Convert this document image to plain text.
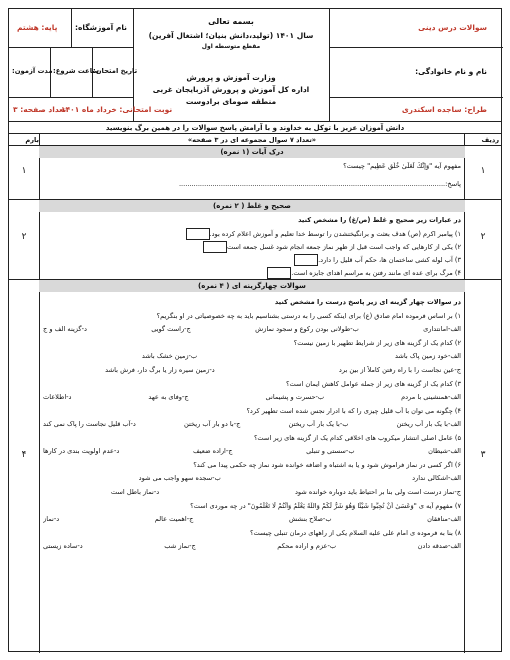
بسمه تعالی
سال ۱۴۰۱ (تولید،دانش بنیان؛ اشتغال آفرین)
مقطع متوسطه اول
وزارت آموزش و پرورش
اداره کل آموزش و پرورش آذربایجان غربی
منطقه صومای برادوست
سوالات درس دینی
نام و نام خانوادگی:
طراح: ساجده اسکندری
پایه: هشتم نام آموزشگاه:
تاریخ امتحان:
ساعت شروع:
مدت آزمون:
نوبت امتحانی: خرداد ماه ۱۴۰۱
تعداد صفحه: ۳
دانش آموزان عزیز با توکل به خداوند و با آرامش پاسخ سوالات را در همین برگ بنویسید
ردیف
«تعداد ۷ سوال مجموعه ای در ۳ صفحه»
بارم
درک آیات (۱ نمره)
۱
۱	مفهوم آیه "وَإِنَّكَ لَعَلَىٰ خُلُقٍ عَظِيمٍ" چیست؟
پاسخ:...............................................................................................................................
صحیح و غلط ( ۲ نمره)
۲
۲
در عبارات زیر صحیح و غلط (ص/غ) را مشخص کنید
۱) پیامبر اکرم (ص) هدف بعثت و برانگیختشدن را توسط خدا تعلیم و آموزش اعلام کرده بود.
۲) یکی از کارهایی که واجب است قبل از ظهر نماز جمعه انجام شود غسل جمعه است
۳) آب لوله کشی ساختمان ها، حکم آب قلیل را دارد.
۴) مرگ برای عده ای مانند رفتن به مراسم اهدای جایزه است.
سوالات چهارگزینه ای ( ۴ نمره)
۳
۴
در سوالات چهار گزینه ای زیر پاسخ درست را مشخص کنید
۱) بر اساس فرموده امام صادق (ع) برای اینکه کسی را به درستی بشناسیم باید به چه خصوصیاتی در او بنگریم؟
الف-امانتداری
ب-طولانی بودن رکوع و سجود نمازش
ج-راست گویی
د-گزینه الف و ج
۲) کدام یک از گزینه های زیر از شرایط تطهیر با زمین نیست؟
الف-خود زمین پاک باشد
ب-زمین خشک باشد
ج-عین نجاست را با راه رفتن کاملاً از بین برد
د-زمین سیره زار یا برگ دار، فرش باشد
۳) کدام یک از گزینه های زیر از جمله عوامل کاهش ایمان است؟
الف-همنشینی با مردم
ب-حسرت و پشیمانی
ج-وفای به عهد
د-اطلاعات
۴) چگونه می توان با آب قلیل چیزی را که با ادرار نجس شده است تطهیر کرد؟
الف-با یک بار آب ریختن
ب-با یک بار آب ریختن
ج-با دو بار آب ریختن
د-آب قلیل نجاست را پاک نمی کند
۵) عامل اصلی انتشار میکروب های اخلاقی کدام یک از گزینه های زیر است؟
الف-شیطان
ب-سستی و تنبلی
ج-اراده ضعیف
د-عدم اولویت بندی در کارها
۶) اگر کسی در نماز فراموش شود و یا به اشتباه و اضافه خوانده شود نماز چه حکمی پیدا می کند؟
الف-اشکالی ندارد
ب-سجده سهو واجب می شود
ج-نماز درست است ولی بنا بر احتیاط باید دوباره خوانده شود
د-نماز باطل است
۷) مفهوم آیه ی "وَعَسَىٰ أَنْ تُحِبُّوا شَيْئًا وَهُوَ شَرٌّ لَكُمْ وَاللَّهُ يَعْلَمُ وَأَنْتُمْ لَا تَعْلَمُونَ" در چه موردی است؟
الف-منافقان
ب-صلاح بنشش
ج-اهمیت عالم
د-نماز
۸) بنا به فرموده ی امام علی علیه السلام یکی از راههای درمان تنبلی چیست؟
الف-صدقه دادن
ب-عزم و اراده محکم
ج-نماز شب
د-ساده زیستی
